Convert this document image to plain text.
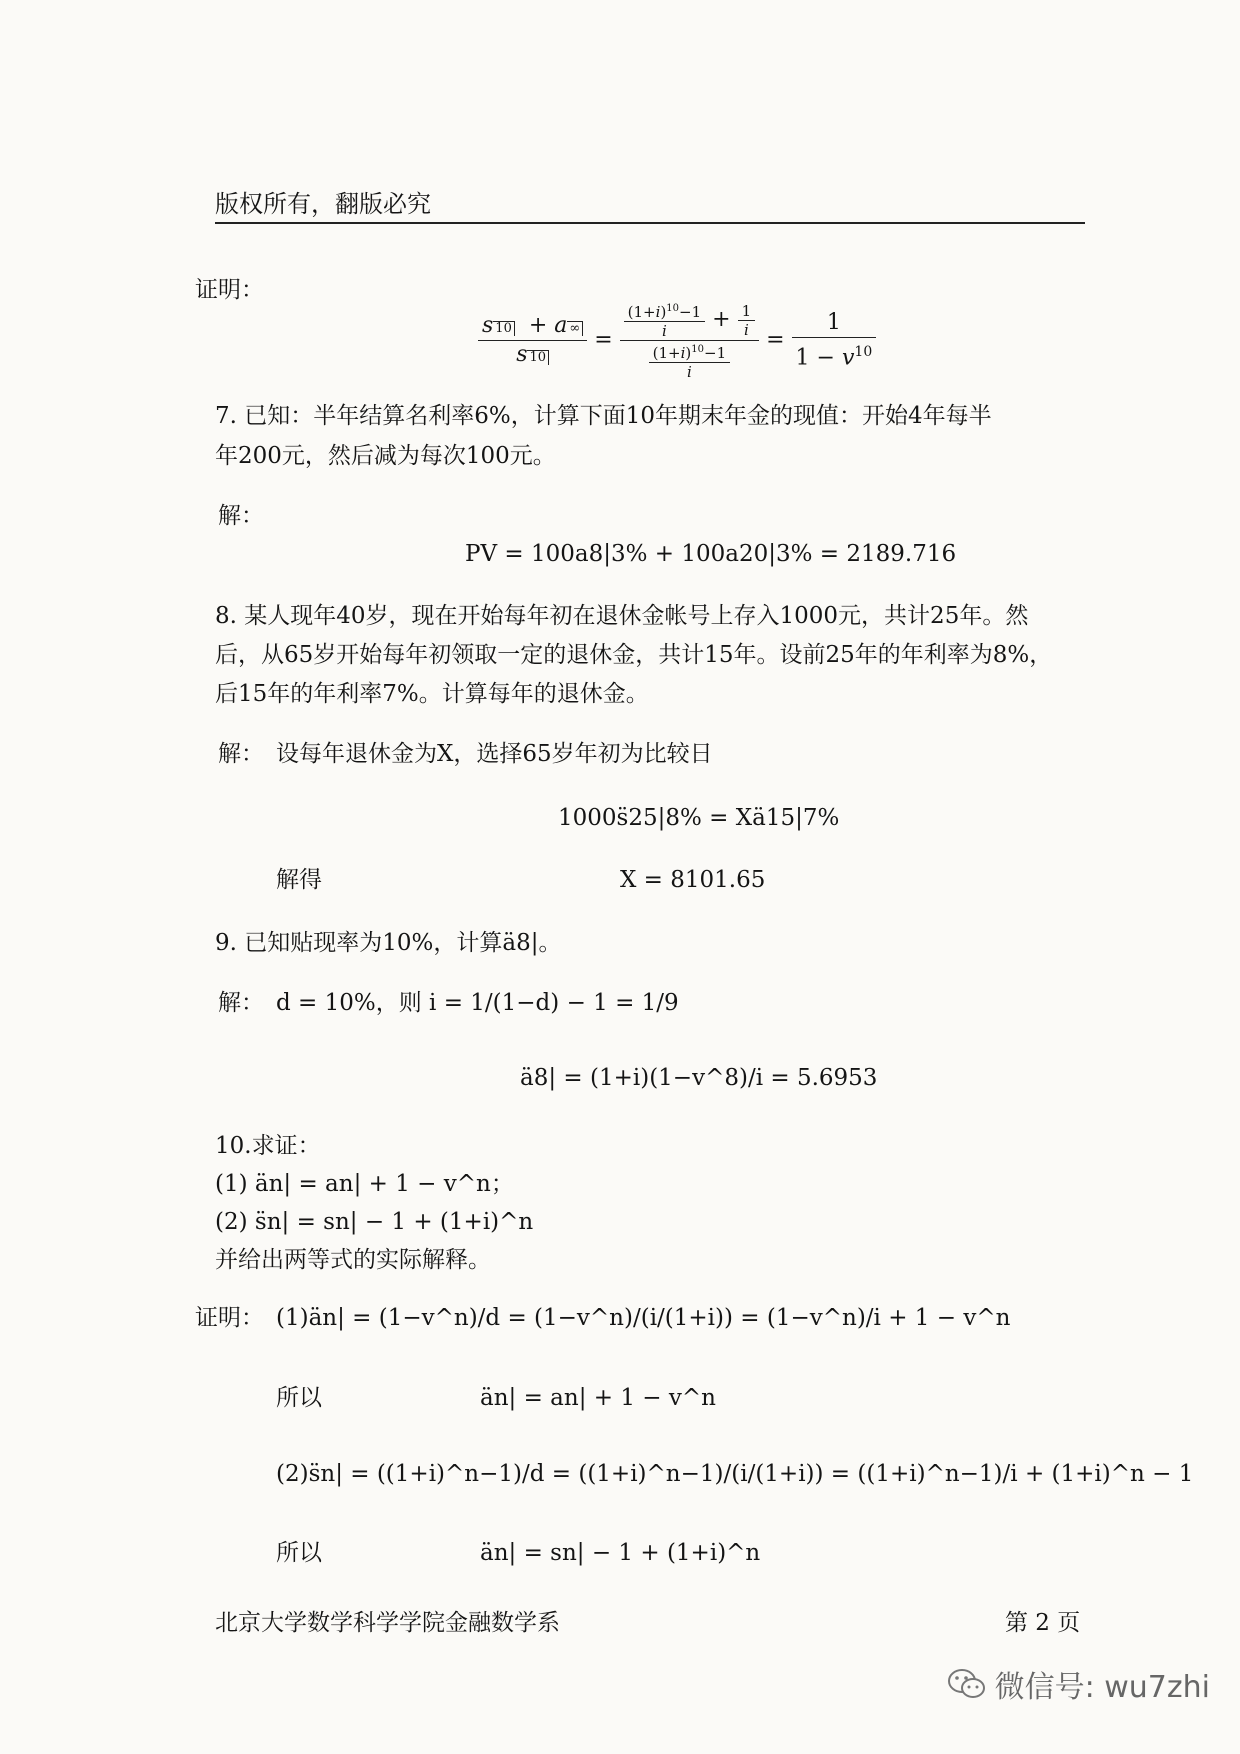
版权所有，翻版必究
证明：
$\frac{s 10 + a \infty}{s 10} = \frac{\frac{(1+i)^{10}-1}{i} + \frac{1}{i}}{\frac{(1+i)^{10}-1}{i}} = \frac{1}{1 - v^{10}}$
7. 已知：半年结算名利率6%，计算下面10年期末年金的现值：开始4年每半
年200元，然后减为每次100元。
解：
PV = 100a8|3% + 100a20|3% = 2189.716
8. 某人现年40岁，现在开始每年初在退休金帐号上存入1000元，共计25年。然
后，从65岁开始每年初领取一定的退休金，共计15年。设前25年的年利率为8%，
后15年的年利率7%。计算每年的退休金。
解： 设每年退休金为X，选择65岁年初为比较日
1000s̈25|8% = Xä15|7%
解得	X = 8101.65
9. 已知贴现率为10%，计算ä8|。
解： d = 10%，则 i = 1/(1−d) − 1 = 1/9
ä8| = (1+i)(1−v^8)/i = 5.6953
10.求证：
(1) än| = an| + 1 − v^n；
(2) s̈n| = sn| − 1 + (1+i)^n
并给出两等式的实际解释。
证明： (1)än| = (1−v^n)/d = (1−v^n)/(i/(1+i)) = (1−v^n)/i + 1 − v^n
所以	än| = an| + 1 − v^n
(2)s̈n| = ((1+i)^n−1)/d = ((1+i)^n−1)/(i/(1+i)) = ((1+i)^n−1)/i + (1+i)^n − 1
所以	än| = sn| − 1 + (1+i)^n
北京大学数学科学学院金融数学系	第 2 页
微信号: wu7zhi
